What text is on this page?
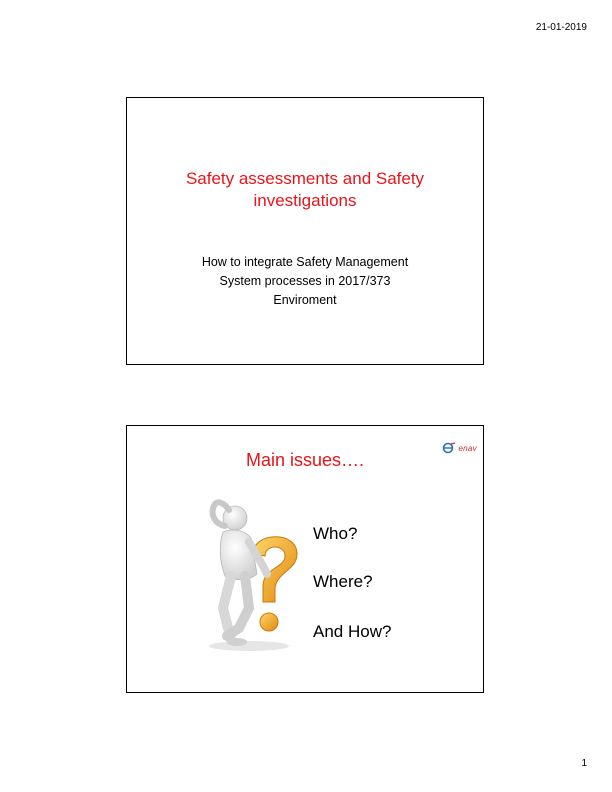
21-01-2019
Safety assessments and Safety
investigations
How to integrate Safety Management
System processes in 2017/373
Enviroment
Main issues….
enav
Who?
Where?
And How?
1
